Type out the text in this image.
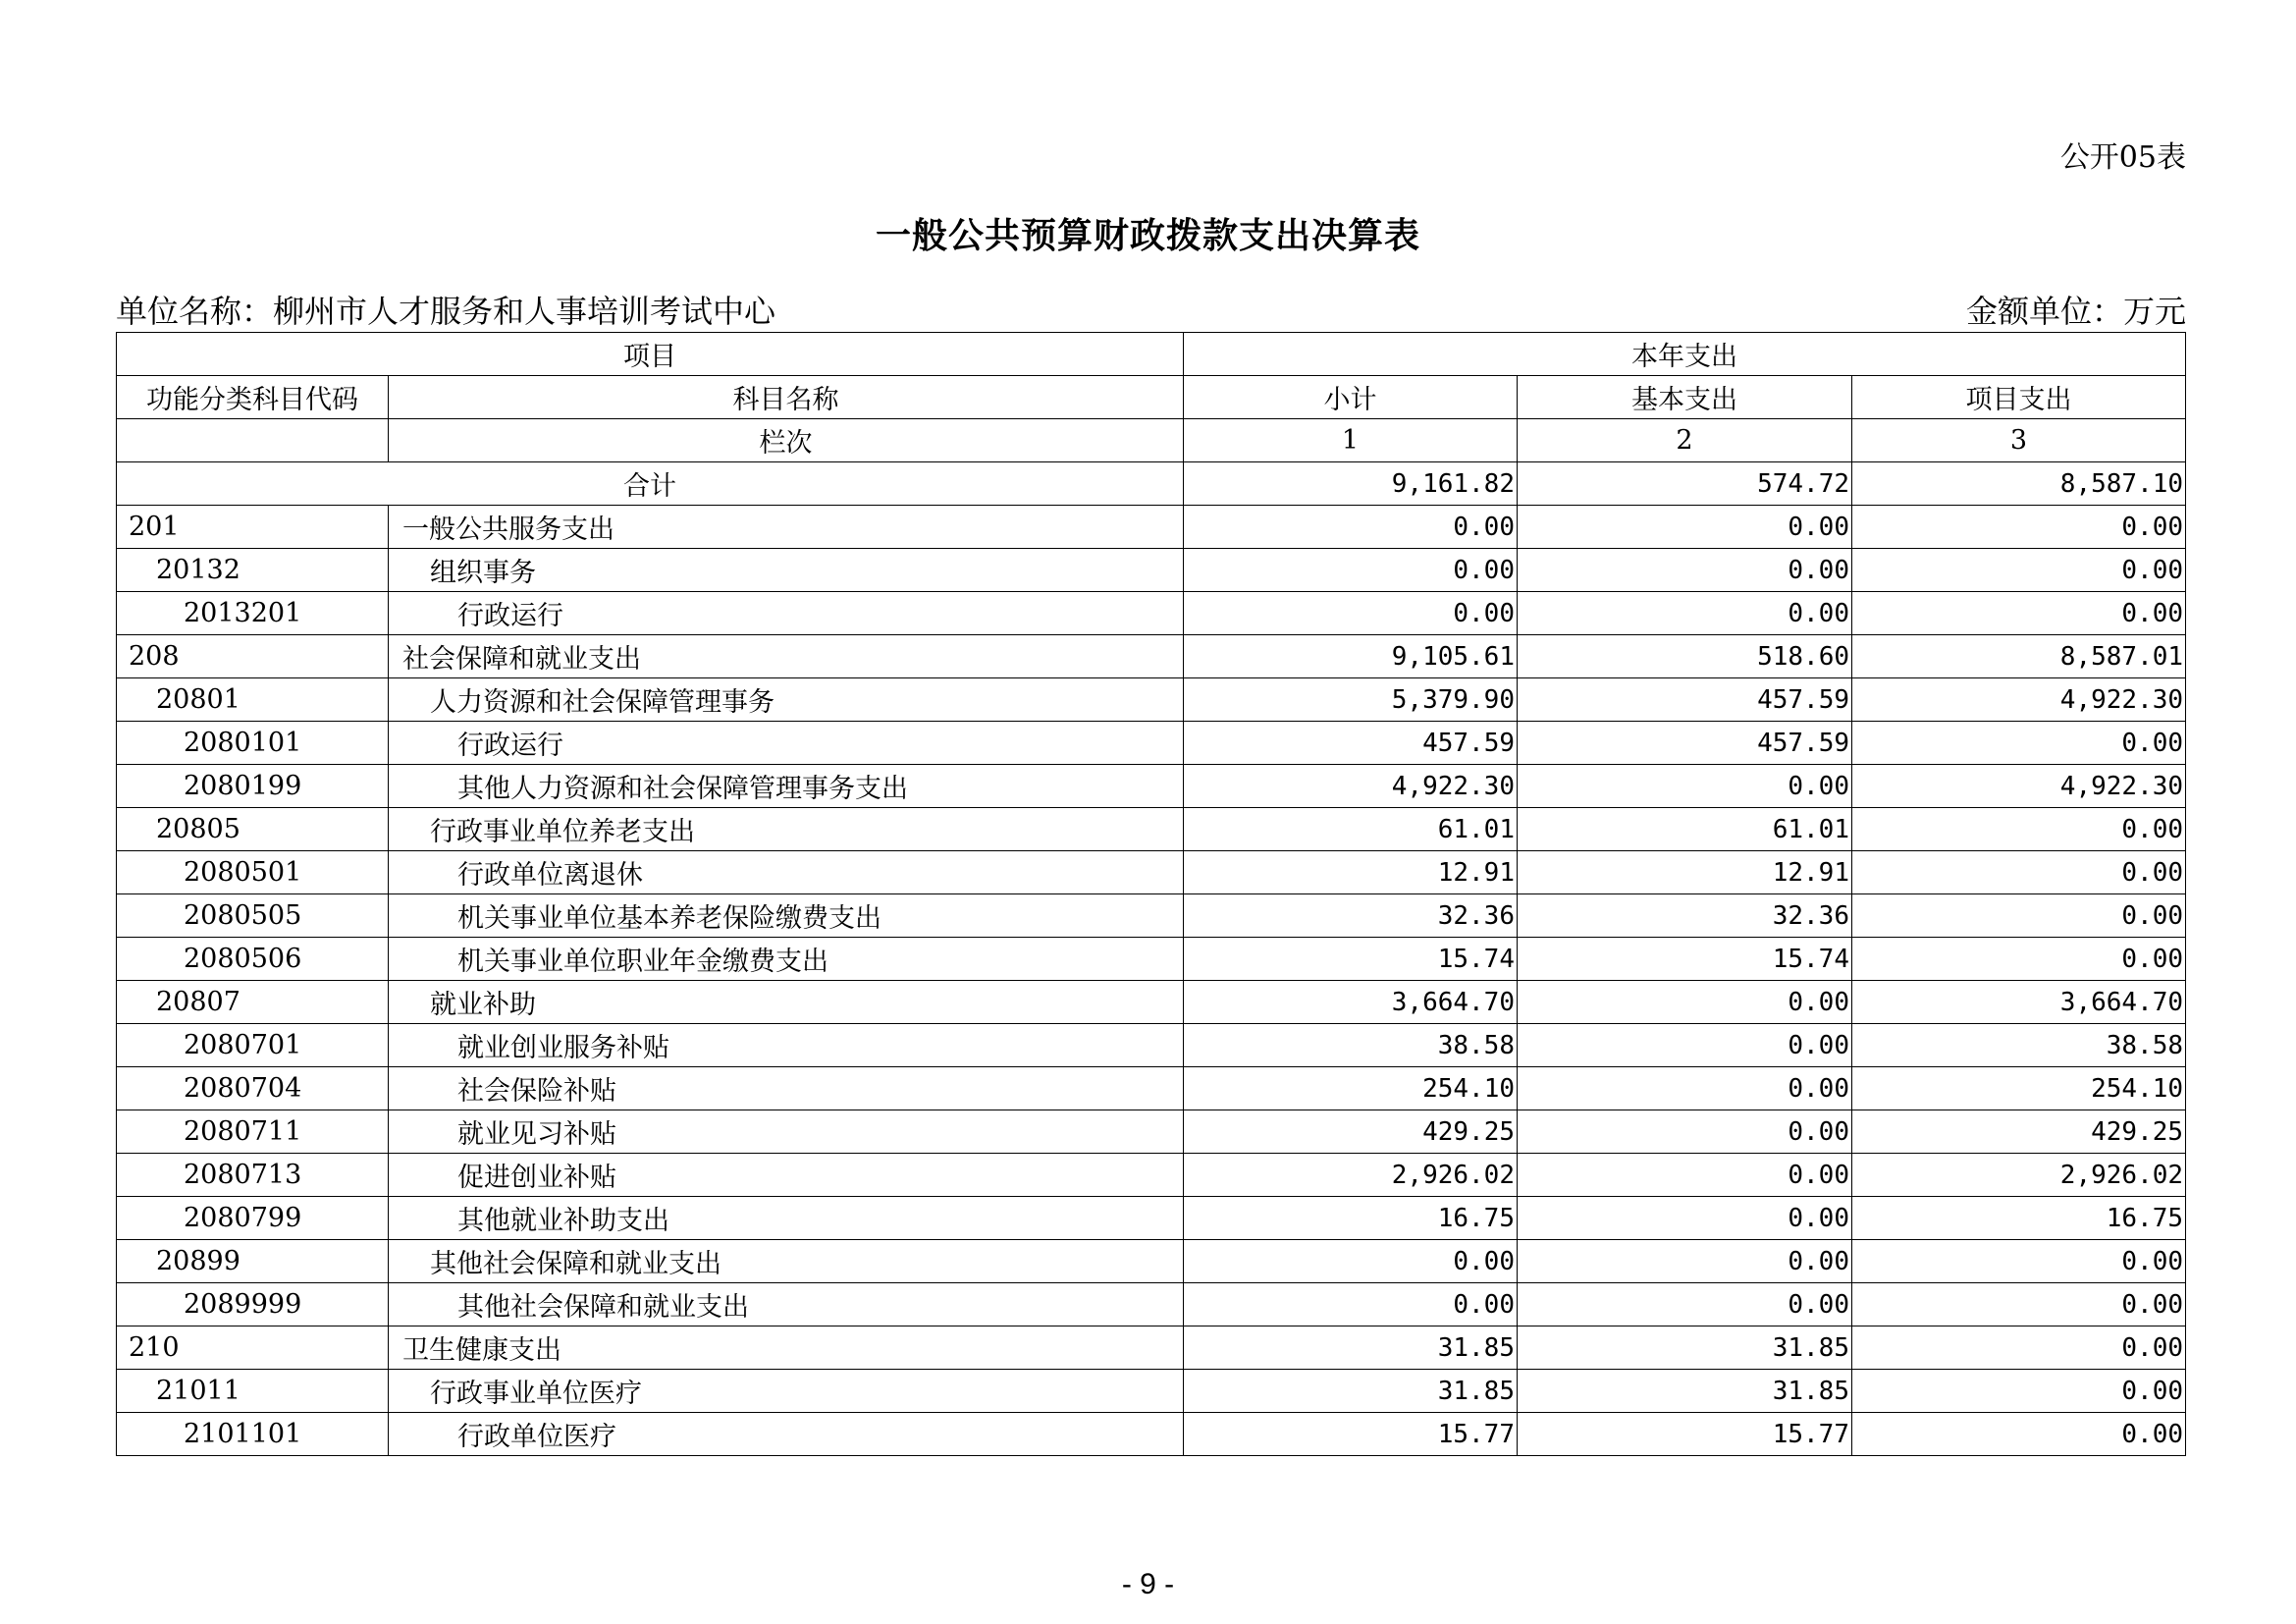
公开05表
一般公共预算财政拨款支出决算表
单位名称：柳州市人才服务和人事培训考试中心	金额单位：万元
项目		本年支出		
功能分类科目代码	科目名称	小计	基本支出	项目支出
	栏次	1	2	3
合计		9,161.82	574.72	8,587.10
201	一般公共服务支出	0.00	0.00	0.00
20132	组织事务	0.00	0.00	0.00
2013201	行政运行	0.00	0.00	0.00
208	社会保障和就业支出	9,105.61	518.60	8,587.01
20801	人力资源和社会保障管理事务	5,379.90	457.59	4,922.30
2080101	行政运行	457.59	457.59	0.00
2080199	其他人力资源和社会保障管理事务支出	4,922.30	0.00	4,922.30
20805	行政事业单位养老支出	61.01	61.01	0.00
2080501	行政单位离退休	12.91	12.91	0.00
2080505	机关事业单位基本养老保险缴费支出	32.36	32.36	0.00
2080506	机关事业单位职业年金缴费支出	15.74	15.74	0.00
20807	就业补助	3,664.70	0.00	3,664.70
2080701	就业创业服务补贴	38.58	0.00	38.58
2080704	社会保险补贴	254.10	0.00	254.10
2080711	就业见习补贴	429.25	0.00	429.25
2080713	促进创业补贴	2,926.02	0.00	2,926.02
2080799	其他就业补助支出	16.75	0.00	16.75
20899	其他社会保障和就业支出	0.00	0.00	0.00
2089999	其他社会保障和就业支出	0.00	0.00	0.00
210	卫生健康支出	31.85	31.85	0.00
21011	行政事业单位医疗	31.85	31.85	0.00
2101101	行政单位医疗	15.77	15.77	0.00
- 9 -
